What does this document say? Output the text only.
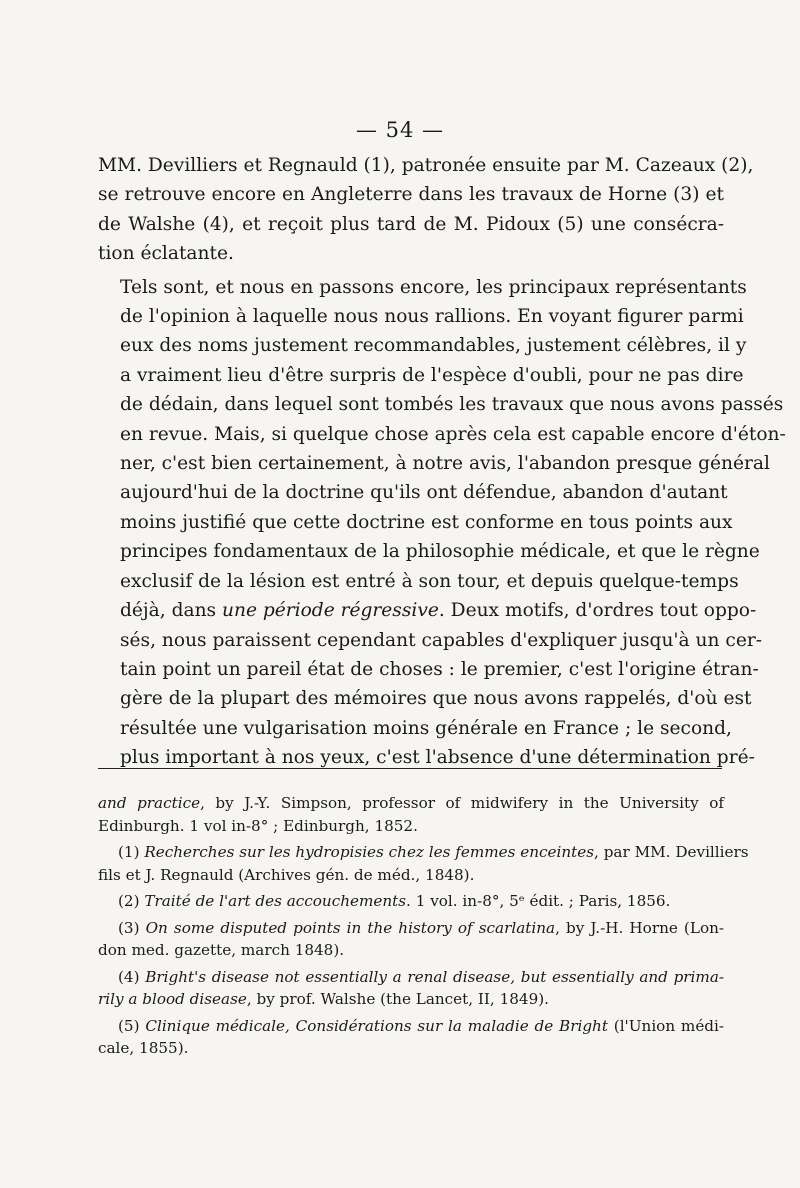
— 54 —

MM. Devilliers et Regnauld (1), patronée ensuite par M. Cazeaux (2),
se retrouve encore en Angleterre dans les travaux de Horne (3) et
de Walshe (4), et reçoit plus tard de M. Pidoux (5) une consécra-
tion éclatante.

Tels sont, et nous en passons encore, les principaux représentants
de l'opinion à laquelle nous nous rallions. En voyant figurer parmi
eux des noms justement recommandables, justement célèbres, il y
a vraiment lieu d'être surpris de l'espèce d'oubli, pour ne pas dire
de dédain, dans lequel sont tombés les travaux que nous avons passés
en revue. Mais, si quelque chose après cela est capable encore d'éton-
ner, c'est bien certainement, à notre avis, l'abandon presque général
aujourd'hui de la doctrine qu'ils ont défendue, abandon d'autant
moins justifié que cette doctrine est conforme en tous points aux
principes fondamentaux de la philosophie médicale, et que le règne
exclusif de la lésion est entré à son tour, et depuis quelque-temps
déjà, dans une période régressive. Deux motifs, d'ordres tout oppo-
sés, nous paraissent cependant capables d'expliquer jusqu'à un cer-
tain point un pareil état de choses : le premier, c'est l'origine étran-
gère de la plupart des mémoires que nous avons rappelés, d'où est
résultée une vulgarisation moins générale en France ; le second,
plus important à nos yeux, c'est l'absence d'une détermination pré-

and practice, by J.-Y. Simpson, professor of midwifery in the University of
Edinburgh. 1 vol in-8° ; Edinburgh, 1852.
(1) Recherches sur les hydropisies chez les femmes enceintes, par MM. Devilliers
fils et J. Regnauld (Archives gén. de méd., 1848).
(2) Traité de l'art des accouchements. 1 vol. in-8°, 5ᵉ édit. ; Paris, 1856.
(3) On some disputed points in the history of scarlatina, by J.-H. Horne (Lon-
don med. gazette, march 1848).
(4) Bright's disease not essentially a renal disease, but essentially and prima-
rily a blood disease, by prof. Walshe (the Lancet, II, 1849).
(5) Clinique médicale, Considérations sur la maladie de Bright (l'Union médi-
cale, 1855).
